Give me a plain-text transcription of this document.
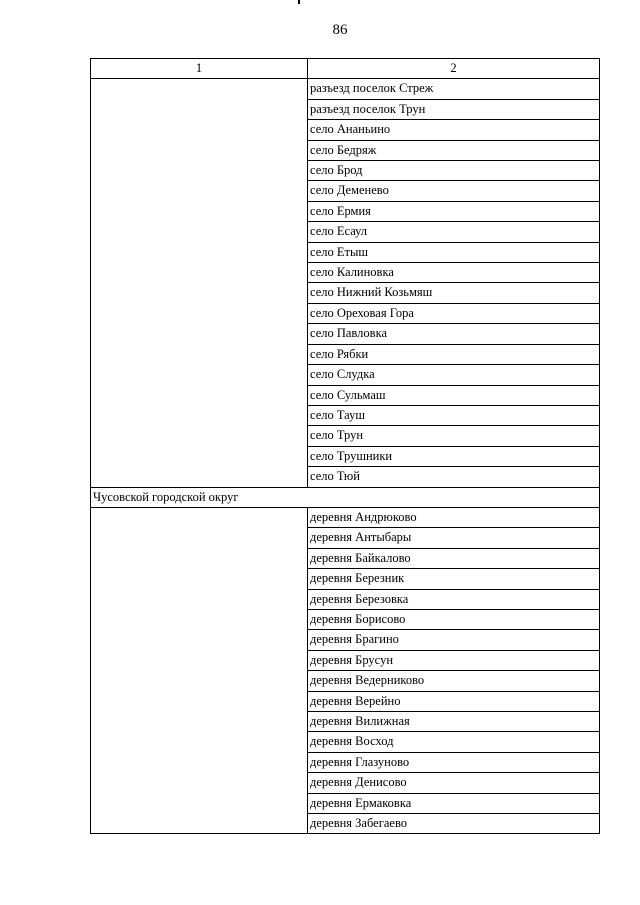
86
1	2
	разъезд поселок Стреж
	разъезд поселок Трун
	село Ананьино
	село Бедряж
	село Брод
	село Деменево
	село Ермия
	село Есаул
	село Етыш
	село Калиновка
	село Нижний Козьмяш
	село Ореховая Гора
	село Павловка
	село Рябки
	село Слудка
	село Сульмаш
	село Тауш
	село Трун
	село Трушники
	село Тюй
Чусовской городской округ	
	деревня Андрюково
	деревня Антыбары
	деревня Байкалово
	деревня Березник
	деревня Березовка
	деревня Борисово
	деревня Брагино
	деревня Брусун
	деревня Ведерниково
	деревня Верейно
	деревня Вилижная
	деревня Восход
	деревня Глазуново
	деревня Денисово
	деревня Ермаковка
	деревня Забегаево
